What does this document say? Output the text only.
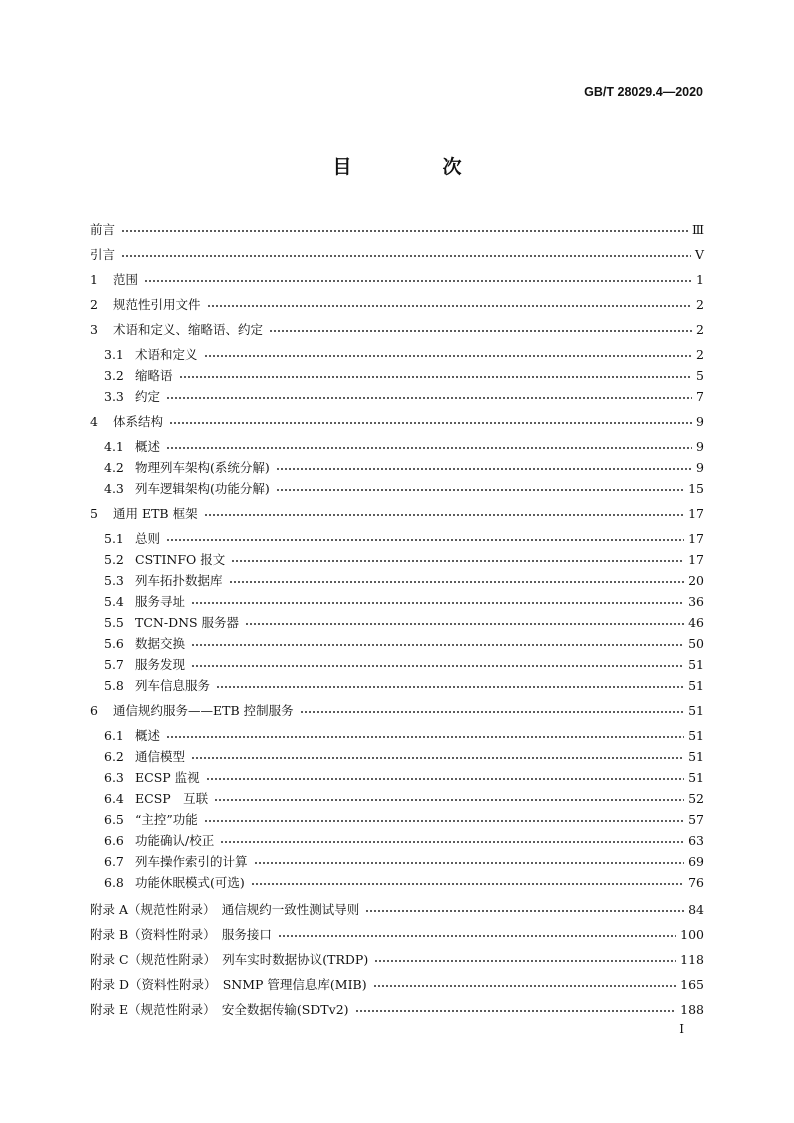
GB/T 28029.4—2020
目　次
前言	Ⅲ
引言	Ⅴ
1	范围	1
2	规范性引用文件	2
3	术语和定义、缩略语、约定	2
3.1 术语和定义	2
3.2 缩略语	5
3.3 约定	7
4	体系结构	9
4.1 概述	9
4.2 物理列车架构(系统分解)	9
4.3 列车逻辑架构(功能分解)	15
5	通用 ETB 框架	17
5.1 总则	17
5.2 CSTINFO 报文	17
5.3 列车拓扑数据库	20
5.4 服务寻址	36
5.5 TCN-DNS 服务器	46
5.6 数据交换	50
5.7 服务发现	51
5.8 列车信息服务	51
6	通信规约服务——ETB 控制服务	51
6.1 概述	51
6.2 通信模型	51
6.3 ECSP 监视	51
6.4 ECSP　互联	52
6.5 “主控”功能	57
6.6 功能确认/校正	63
6.7 列车操作索引的计算	69
6.8 功能休眠模式(可选)	76
附录 A（规范性附录）　通信规约一致性测试导则	84
附录 B（资料性附录）　服务接口	100
附录 C（规范性附录）　列车实时数据协议(TRDP)	118
附录 D（资料性附录）　SNMP 管理信息库(MIB)	165
附录 E（规范性附录）　安全数据传输(SDTv2)	188
Ⅰ
